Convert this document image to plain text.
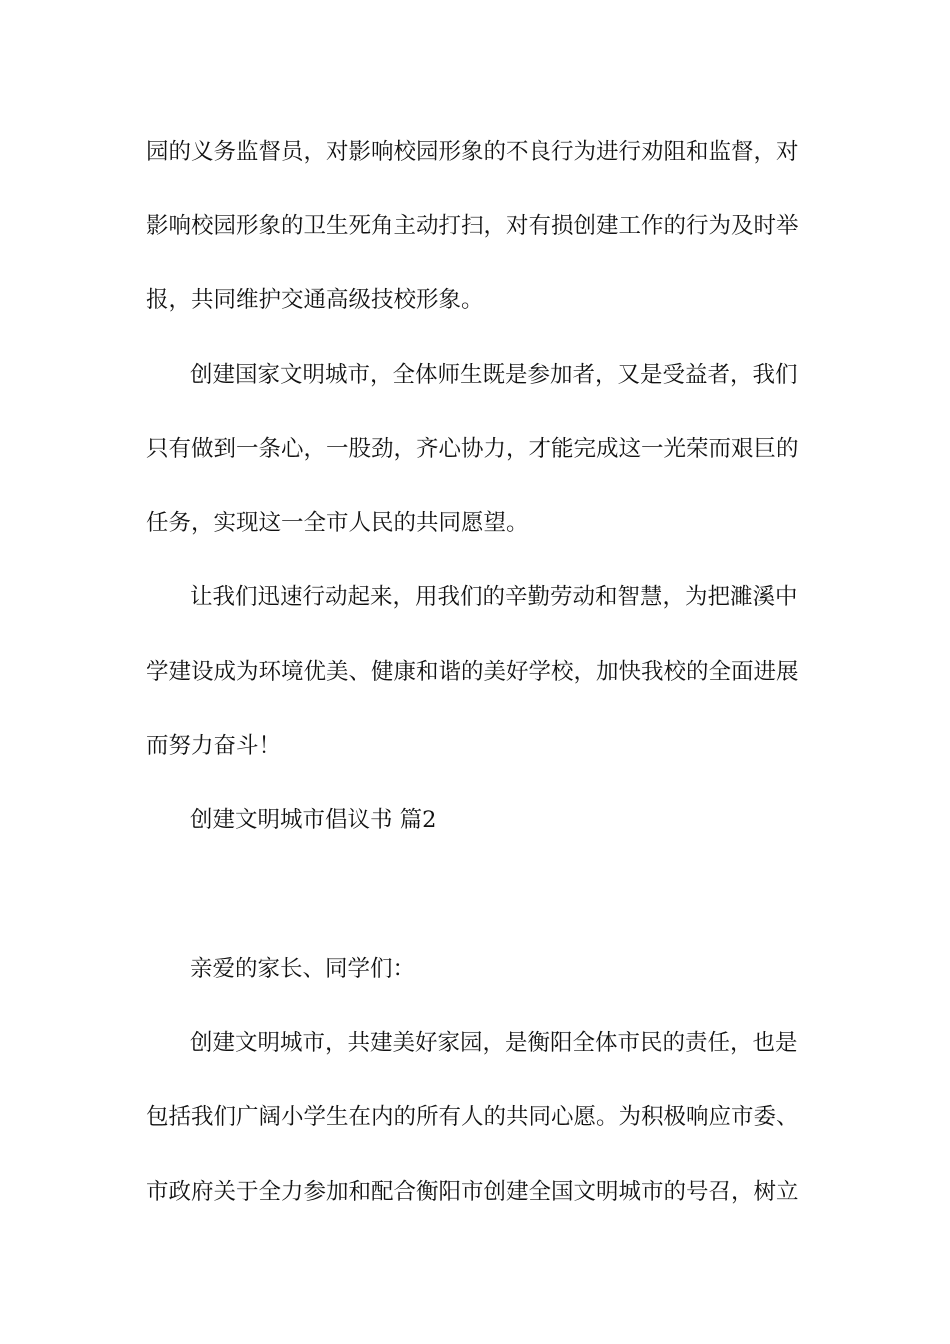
园的义务监督员，对影响校园形象的不良行为进行劝阻和监督，对
影响校园形象的卫生死角主动打扫，对有损创建工作的行为及时举
报，共同维护交通高级技校形象。
创建国家文明城市，全体师生既是参加者，又是受益者，我们
只有做到一条心，一股劲，齐心协力，才能完成这一光荣而艰巨的
任务，实现这一全市人民的共同愿望。
让我们迅速行动起来，用我们的辛勤劳动和智慧，为把濉溪中
学建设成为环境优美、健康和谐的美好学校，加快我校的全面进展
而努力奋斗！
创建文明城市倡议书 篇2
亲爱的家长、同学们：
创建文明城市，共建美好家园，是衡阳全体市民的责任，也是
包括我们广阔小学生在内的所有人的共同心愿。为积极响应市委、
市政府关于全力参加和配合衡阳市创建全国文明城市的号召，树立
